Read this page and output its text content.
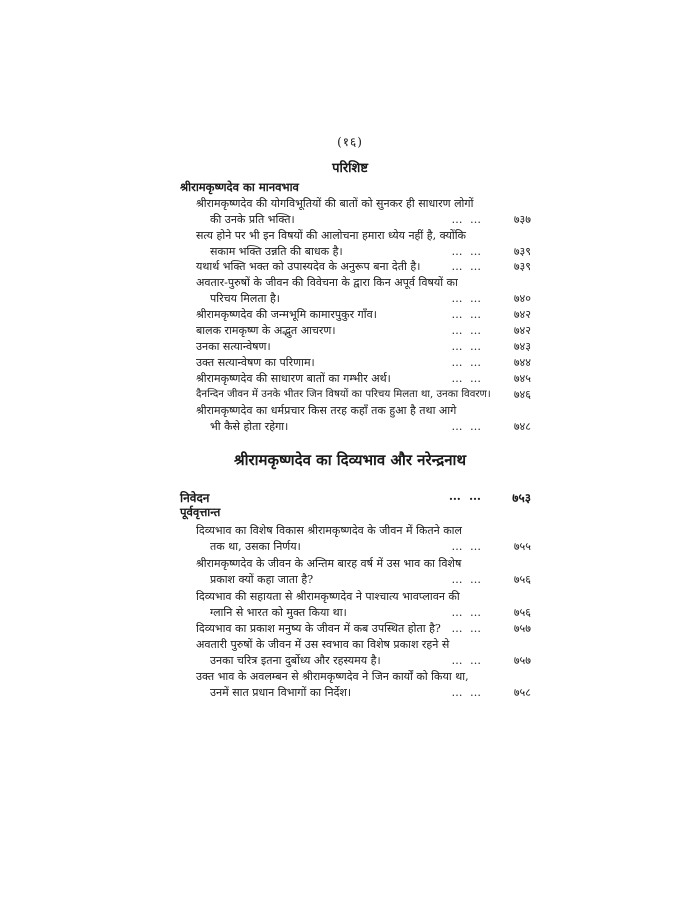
(१६)
परिशिष्ट
श्रीरामकृष्णदेव का मानवभाव
श्रीरामकृष्णदेव की योगविभूतियों की बातों को सुनकर ही साधारण लोगों
की उनके प्रति भक्ति।	… …	७३७
सत्य होने पर भी इन विषयों की आलोचना हमारा ध्येय नहीं है, क्योंकि
सकाम भक्ति उन्नति की बाधक है।	… …	७३९
यथार्थ भक्ति भक्त को उपास्यदेव के अनुरूप बना देती है।	… …	७३९
अवतार-पुरुषों के जीवन की विवेचना के द्वारा किन अपूर्व विषयों का
परिचय मिलता है।	… …	७४०
श्रीरामकृष्णदेव की जन्मभूमि कामारपुकुर गाँव।	… …	७४२
बालक रामकृष्ण के अद्भुत आचरण।	… …	७४२
उनका सत्यान्वेषण।	… …	७४३
उक्त सत्यान्वेषण का परिणाम।	… …	७४४
श्रीरामकृष्णदेव की साधारण बातों का गम्भीर अर्थ।	… …	७४५
दैनन्दिन जीवन में उनके भीतर जिन विषयों का परिचय मिलता था, उनका विवरण।	७४६
श्रीरामकृष्णदेव का धर्मप्रचार किस तरह कहाँ तक हुआ है तथा आगे
भी कैसे होता रहेगा।	… …	७४८
श्रीरामकृष्णदेव का दिव्यभाव और नरेन्द्रनाथ
निवेदन	… … ७५३
पूर्ववृत्तान्त
दिव्यभाव का विशेष विकास श्रीरामकृष्णदेव के जीवन में कितने काल
तक था, उसका निर्णय।	… …	७५५
श्रीरामकृष्णदेव के जीवन के अन्तिम बारह वर्ष में उस भाव का विशेष
प्रकाश क्यों कहा जाता है?	… …	७५६
दिव्यभाव की सहायता से श्रीरामकृष्णदेव ने पाश्चात्य भावप्लावन की
ग्लानि से भारत को मुक्त किया था।	… …	७५६
दिव्यभाव का प्रकाश मनुष्य के जीवन में कब उपस्थित होता है? … …	७५७
अवतारी पुरुषों के जीवन में उस स्वभाव का विशेष प्रकाश रहने से
उनका चरित्र इतना दुर्बोध्य और रहस्यमय है।	… …	७५७
उक्त भाव के अवलम्बन से श्रीरामकृष्णदेव ने जिन कार्यों को किया था,
उनमें सात प्रधान विभागों का निर्देश।	… …	७५८
